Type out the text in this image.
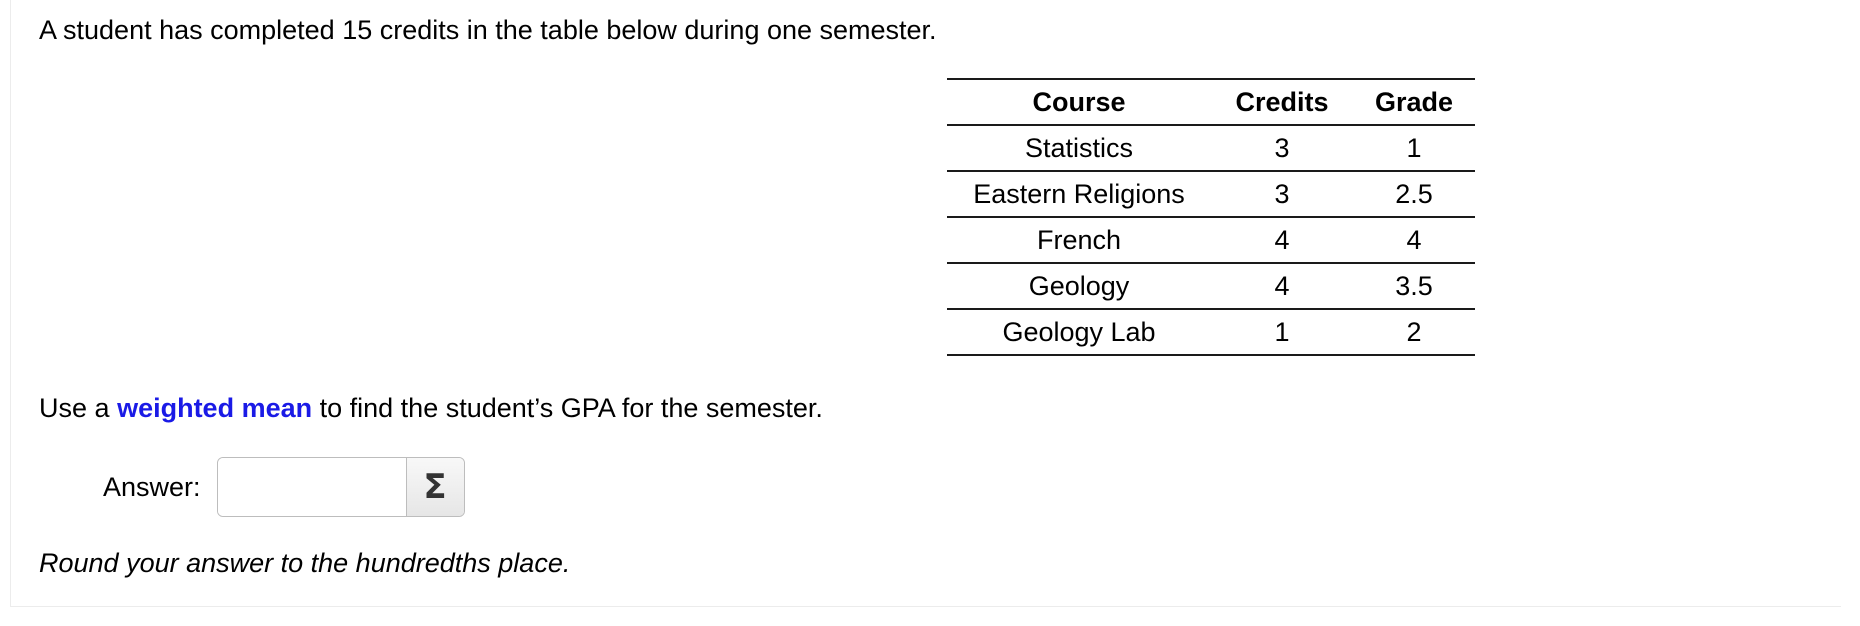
A student has completed 15 credits in the table below during one semester.
Course	Credits	Grade
Statistics	3	1
Eastern Religions	3	2.5
French	4	4
Geology	4	3.5
Geology Lab	1	2
Use a weighted mean to find the student’s GPA for the semester.
Answer:	Σ
Round your answer to the hundredths place.
